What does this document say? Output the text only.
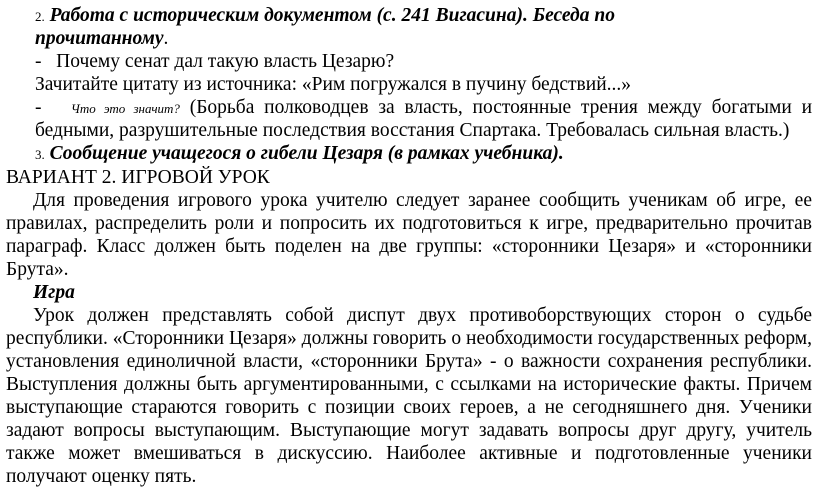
2. Работа с историческим документом (с. 241 Вигасина). Беседа по
прочитанному.
- Почему сенат дал такую власть Цезарю?
Зачитайте цитату из источника: «Рим погружался в пучину бедствий...»
- Что это значит? (Борьба полководцев за власть, постоянные трения между богатыми и
бедными, разрушительные последствия восстания Спартака. Требовалась сильная власть.)
3. Сообщение учащегося о гибели Цезаря (в рамках учебника).
ВАРИАНТ 2. ИГРОВОЙ УРОК
Для проведения игрового урока учителю следует заранее сообщить ученикам об игре, ее правилах, распределить роли и попросить их подготовиться к игре, предварительно прочитав параграф. Класс должен быть поделен на две группы: «сторонники Цезаря» и «сторонники Брута».
Игра
Урок должен представлять собой диспут двух противоборствующих сторон о судьбе республики. «Сторонники Цезаря» должны говорить о необходимости государственных реформ, установления единоличной власти, «сторонники Брута» - о важности сохранения республики. Выступления должны быть аргументированными, с ссылками на исторические факты. Причем выступающие стараются говорить с позиции своих героев, а не сегодняшнего дня. Ученики задают вопросы выступающим. Выступающие могут задавать вопросы друг другу, учитель также может вмешиваться в дискуссию. Наиболее активные и подготовленные ученики получают оценку пять.
